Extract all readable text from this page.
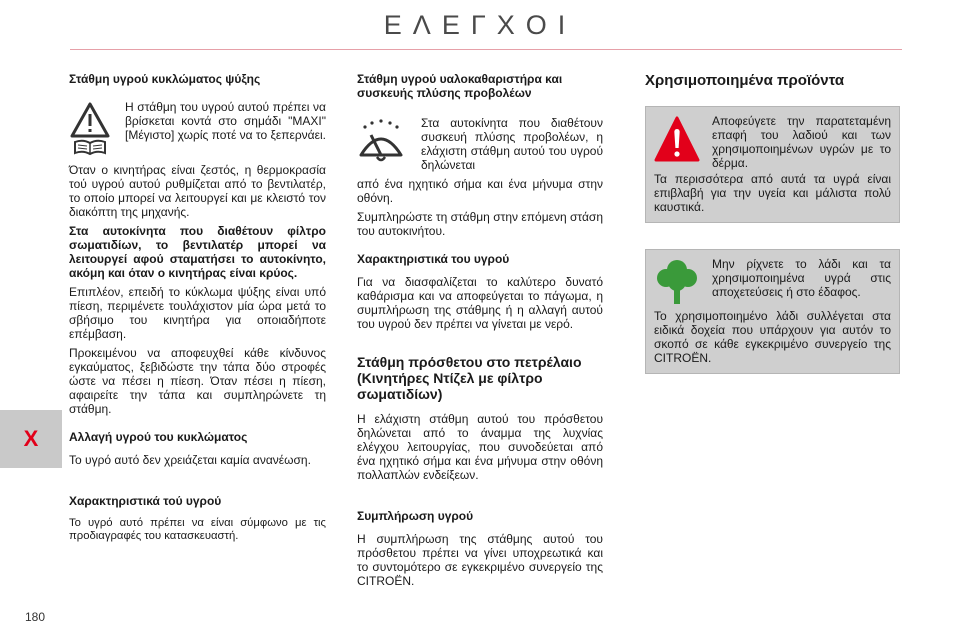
ΕΛΕΓΧΟΙ
X
180
Στάθμη υγρού κυκλώματος ψύξης

Η στάθμη του υγρού αυτού πρέπει να βρίσκεται κοντά στο σημάδι "MAXI" [Μέγιστο] χωρίς ποτέ να το ξεπερνάει.

Όταν ο κινητήρας είναι ζεστός, η θερμοκρασία τού υγρού αυτού ρυθμίζεται από το βεντιλατέρ, το οποίο μπορεί να λειτουργεί και με κλειστό τον διακόπτη της μηχανής.

Στα αυτοκίνητα που διαθέτουν φίλτρο σωματιδίων, το βεντιλατέρ μπορεί να λειτουργεί αφού σταματήσει το αυτοκίνητο, ακόμη και όταν ο κινητήρας είναι κρύος.

Επιπλέον, επειδή το κύκλωμα ψύξης είναι υπό πίεση, περιμένετε τουλάχιστον μία ώρα μετά το σβήσιμο του κινητήρα για οποιαδήποτε επέμβαση.

Προκειμένου να αποφευχθεί κάθε κίνδυνος εγκαύματος, ξεβιδώστε την τάπα δύο στροφές ώστε να πέσει η πίεση. Όταν πέσει η πίεση, αφαιρείτε την τάπα και συμπληρώνετε τη στάθμη.

Αλλαγή υγρού του κυκλώματος

Το υγρό αυτό δεν χρειάζεται καμία ανανέωση.

Χαρακτηριστικά τού υγρού

Το υγρό αυτό πρέπει να είναι σύμφωνο με τις προδιαγραφές του κατασκευαστή.

Στάθμη υγρού υαλοκαθαριστήρα και συσκευής πλύσης προβολέων

Στα αυτοκίνητα που διαθέτουν συσκευή πλύσης προβολέων, η ελάχιστη στάθμη αυτού του υγρού δηλώνεται

από ένα ηχητικό σήμα και ένα μήνυμα στην οθόνη.

Συμπληρώστε τη στάθμη στην επόμενη στάση του αυτοκινήτου.

Χαρακτηριστικά του υγρού

Για να διασφαλίζεται το καλύτερο δυνατό καθάρισμα και να αποφεύγεται το πάγωμα, η συμπλήρωση της στάθμης ή η αλλαγή αυτού του υγρού δεν πρέπει να γίνεται με νερό.

Στάθμη πρόσθετου στο πετρέλαιο (Κινητήρες Ντίζελ με φίλτρο σωματιδίων)

Η ελάχιστη στάθμη αυτού του πρόσθετου δηλώνεται από το άναμμα της λυχνίας ελέγχου λειτουργίας, που συνοδεύεται από ένα ηχητικό σήμα και ένα μήνυμα στην οθόνη πολλαπλών ενδείξεων.

Συμπλήρωση υγρού

Η συμπλήρωση της στάθμης αυτού του πρόσθετου πρέπει να γίνει υποχρεωτικά και το συντομότερο σε εγκεκριμένο συνεργείο της CITROËN.

Χρησιμοποιημένα προϊόντα

Αποφεύγετε την παρατεταμένη επαφή του λαδιού και των χρησιμοποιημένων υγρών με το δέρμα.

Τα περισσότερα από αυτά τα υγρά είναι επιβλαβή για την υγεία και μάλιστα πολύ καυστικά.

Μην ρίχνετε το λάδι και τα χρησιμοποιημένα υγρά στις αποχετεύσεις ή στο έδαφος.

Το χρησιμοποιημένο λάδι συλλέγεται στα ειδικά δοχεία που υπάρχουν για αυτόν το σκοπό σε κάθε εγκεκριμένο συνεργείο της CITROËN.
